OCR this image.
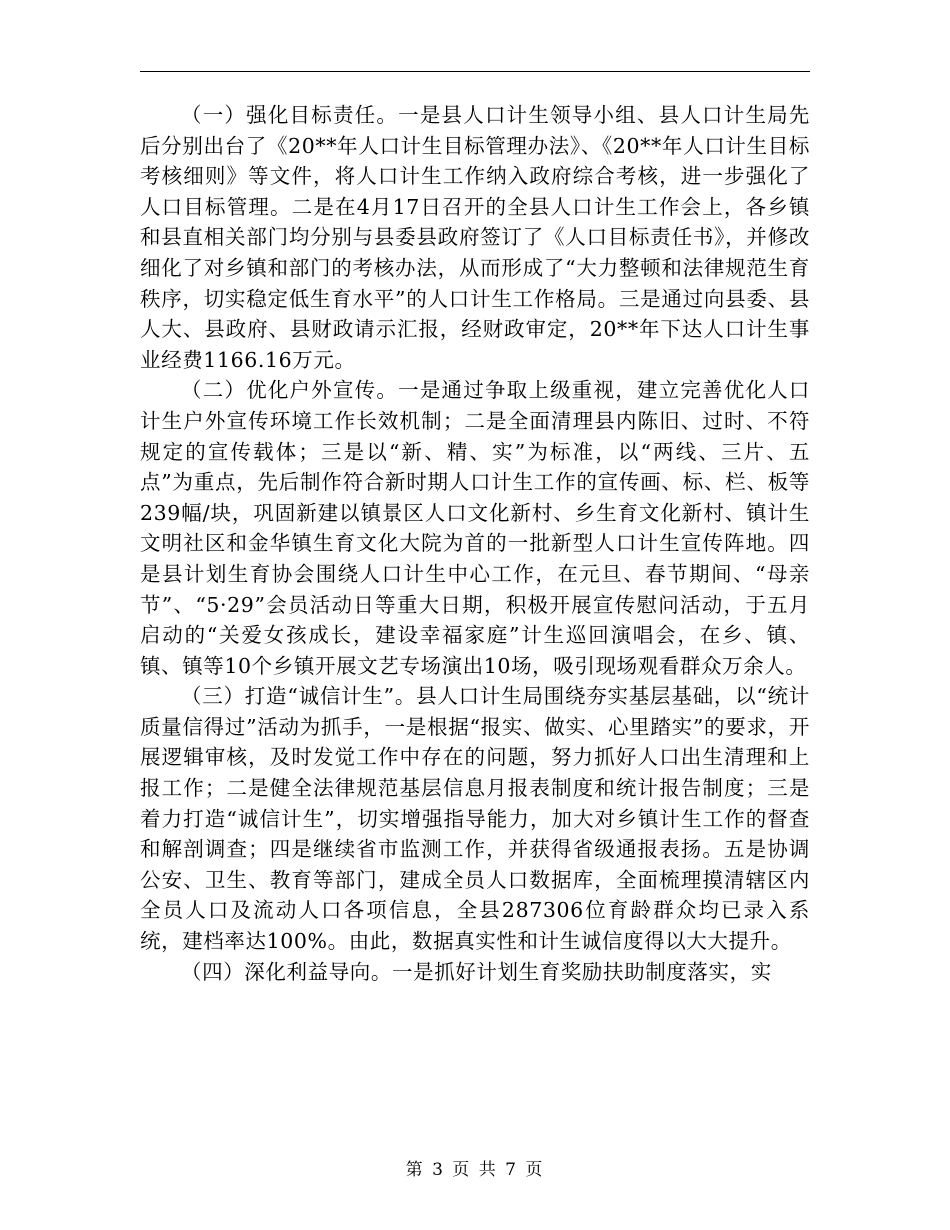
（一）强化目标责任。一是县人口计生领导小组、县人口计生局先后分别出台了《20**年人口计生目标管理办法》、《20**年人口计生目标考核细则》等文件，将人口计生工作纳入政府综合考核，进一步强化了人口目标管理。二是在4月17日召开的全县人口计生工作会上，各乡镇和县直相关部门均分别与县委县政府签订了《人口目标责任书》，并修改细化了对乡镇和部门的考核办法，从而形成了“大力整顿和法律规范生育秩序，切实稳定低生育水平”的人口计生工作格局。三是通过向县委、县人大、县政府、县财政请示汇报，经财政审定，20**年下达人口计生事业经费1166.16万元。

（二）优化户外宣传。一是通过争取上级重视，建立完善优化人口计生户外宣传环境工作长效机制；二是全面清理县内陈旧、过时、不符规定的宣传载体；三是以“新、精、实”为标准，以“两线、三片、五点”为重点，先后制作符合新时期人口计生工作的宣传画、标、栏、板等239幅/块，巩固新建以镇景区人口文化新村、乡生育文化新村、镇计生文明社区和金华镇生育文化大院为首的一批新型人口计生宣传阵地。四是县计划生育协会围绕人口计生中心工作，在元旦、春节期间、“母亲节”、“5·29”会员活动日等重大日期，积极开展宣传慰问活动，于五月启动的“关爱女孩成长，建设幸福家庭”计生巡回演唱会，在乡、镇、镇、镇等10个乡镇开展文艺专场演出10场，吸引现场观看群众万余人。

（三）打造“诚信计生”。县人口计生局围绕夯实基层基础，以“统计质量信得过”活动为抓手，一是根据“报实、做实、心里踏实”的要求，开展逻辑审核，及时发觉工作中存在的问题，努力抓好人口出生清理和上报工作；二是健全法律规范基层信息月报表制度和统计报告制度；三是着力打造“诚信计生”，切实增强指导能力，加大对乡镇计生工作的督查和解剖调查；四是继续省市监测工作，并获得省级通报表扬。五是协调公安、卫生、教育等部门，建成全员人口数据库，全面梳理摸清辖区内全员人口及流动人口各项信息，全县287306位育龄群众均已录入系统，建档率达100%。由此，数据真实性和计生诚信度得以大大提升。

（四）深化利益导向。一是抓好计划生育奖励扶助制度落实，实

第 3 页 共 7 页
